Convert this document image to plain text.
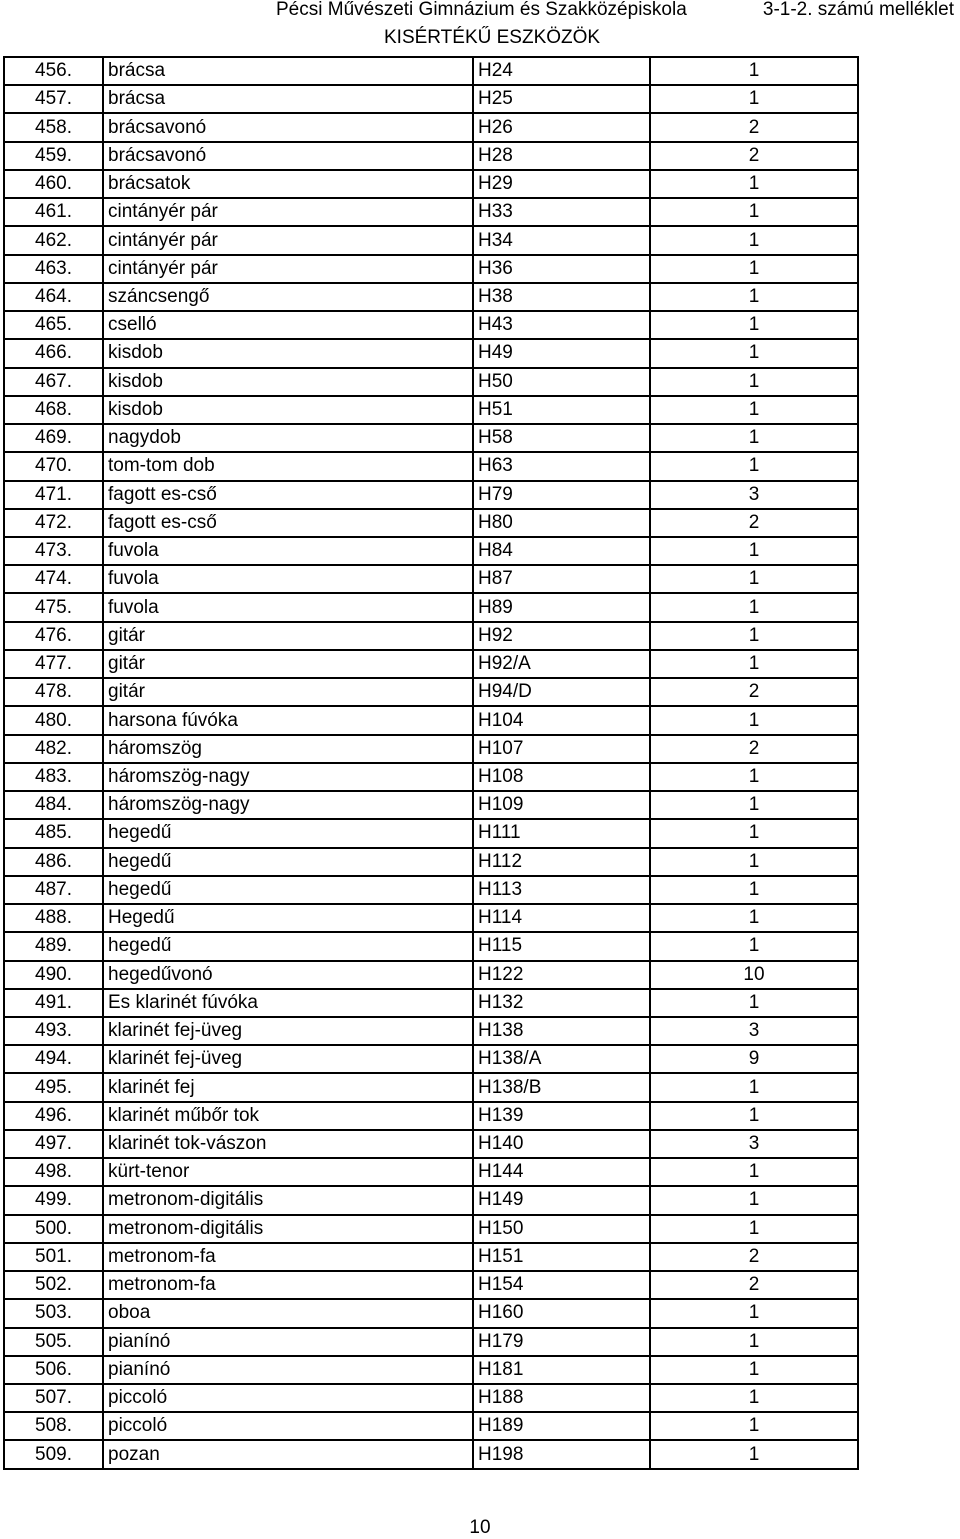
Pécsi Művészeti Gimnázium és Szakközépiskola	3-1-2. számú melléklet
KISÉRTÉKŰ ESZKÖZÖK
456.	brácsa	H24	1
457.	brácsa	H25	1
458.	brácsavonó	H26	2
459.	brácsavonó	H28	2
460.	brácsatok	H29	1
461.	cintányér pár	H33	1
462.	cintányér pár	H34	1
463.	cintányér pár	H36	1
464.	száncsengő	H38	1
465.	cselló	H43	1
466.	kisdob	H49	1
467.	kisdob	H50	1
468.	kisdob	H51	1
469.	nagydob	H58	1
470.	tom-tom dob	H63	1
471.	fagott es-cső	H79	3
472.	fagott es-cső	H80	2
473.	fuvola	H84	1
474.	fuvola	H87	1
475.	fuvola	H89	1
476.	gitár	H92	1
477.	gitár	H92/A	1
478.	gitár	H94/D	2
480.	harsona fúvóka	H104	1
482.	háromszög	H107	2
483.	háromszög-nagy	H108	1
484.	háromszög-nagy	H109	1
485.	hegedű	H111	1
486.	hegedű	H112	1
487.	hegedű	H113	1
488.	Hegedű	H114	1
489.	hegedű	H115	1
490.	hegedűvonó	H122	10
491.	Es klarinét fúvóka	H132	1
493.	klarinét fej-üveg	H138	3
494.	klarinét fej-üveg	H138/A	9
495.	klarinét fej	H138/B	1
496.	klarinét műbőr tok	H139	1
497.	klarinét tok-vászon	H140	3
498.	kürt-tenor	H144	1
499.	metronom-digitális	H149	1
500.	metronom-digitális	H150	1
501.	metronom-fa	H151	2
502.	metronom-fa	H154	2
503.	oboa	H160	1
505.	pianínó	H179	1
506.	pianínó	H181	1
507.	piccoló	H188	1
508.	piccoló	H189	1
509.	pozan	H198	1
10
